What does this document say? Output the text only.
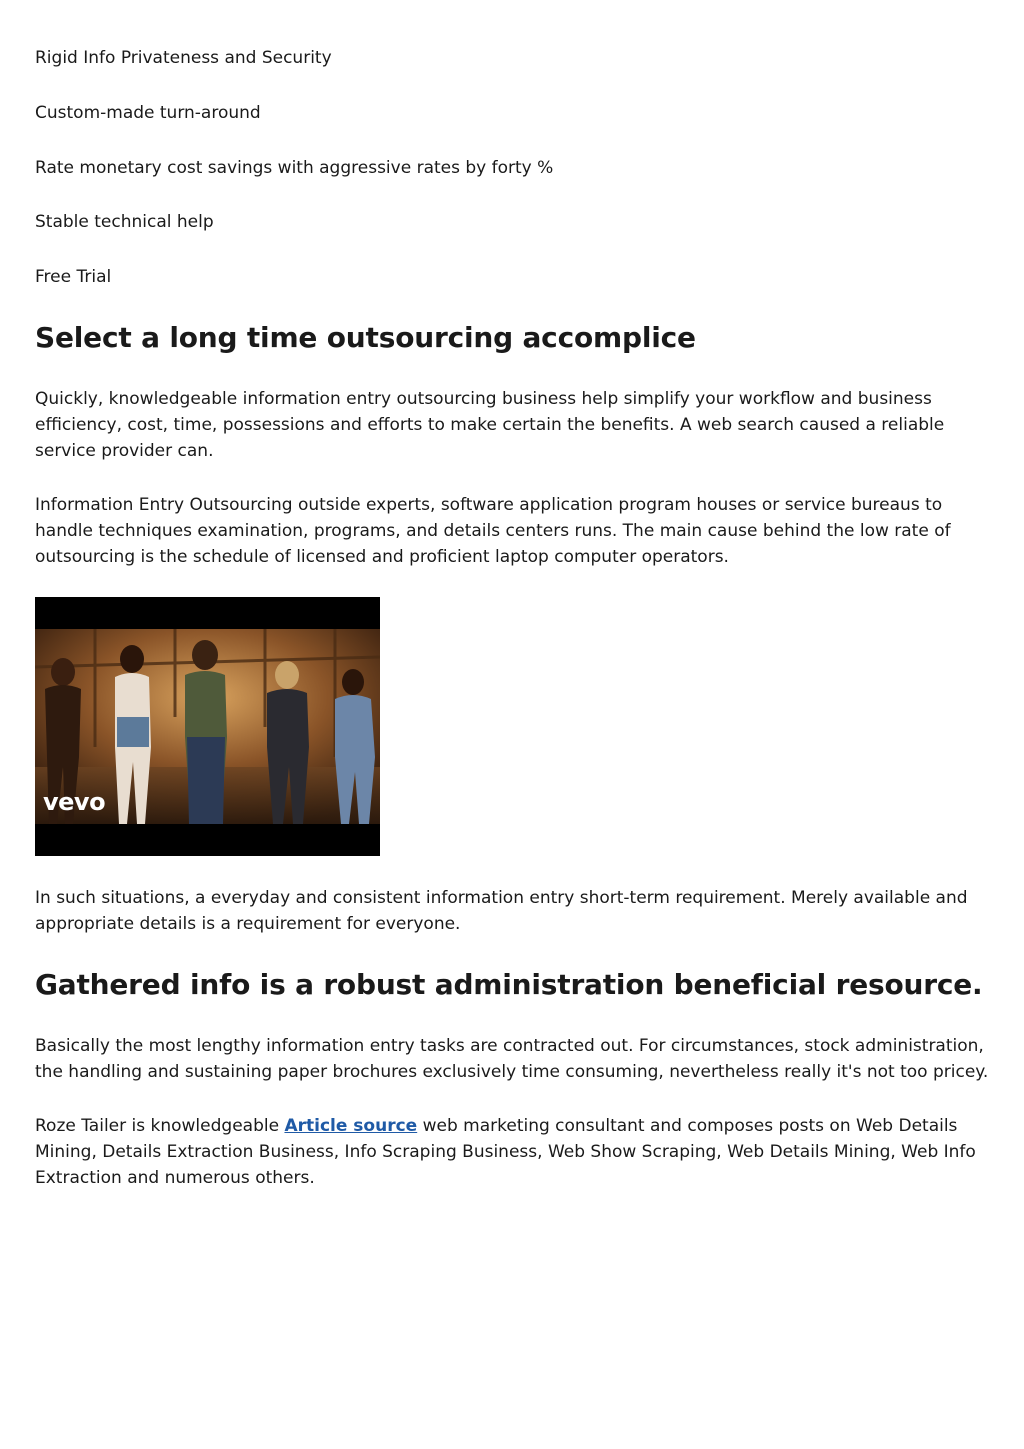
Rigid Info Privateness and Security
Custom-made turn-around
Rate monetary cost savings with aggressive rates by forty %
Stable technical help
Free Trial
Select a long time outsourcing accomplice
Quickly, knowledgeable information entry outsourcing business help simplify your workflow and business efficiency, cost, time, possessions and efforts to make certain the benefits. A web search caused a reliable service provider can.
Information Entry Outsourcing outside experts, software application program houses or service bureaus to handle techniques examination, programs, and details centers runs. The main cause behind the low rate of outsourcing is the schedule of licensed and proficient laptop computer operators.
vevo
In such situations, a everyday and consistent information entry short-term requirement. Merely available and appropriate details is a requirement for everyone.
Gathered info is a robust administration beneficial resource.
Basically the most lengthy information entry tasks are contracted out. For circumstances, stock administration, the handling and sustaining paper brochures exclusively time consuming, nevertheless really it's not too pricey.
Roze Tailer is knowledgeable Article source web marketing consultant and composes posts on Web Details Mining, Details Extraction Business, Info Scraping Business, Web Show Scraping, Web Details Mining, Web Info Extraction and numerous others.
